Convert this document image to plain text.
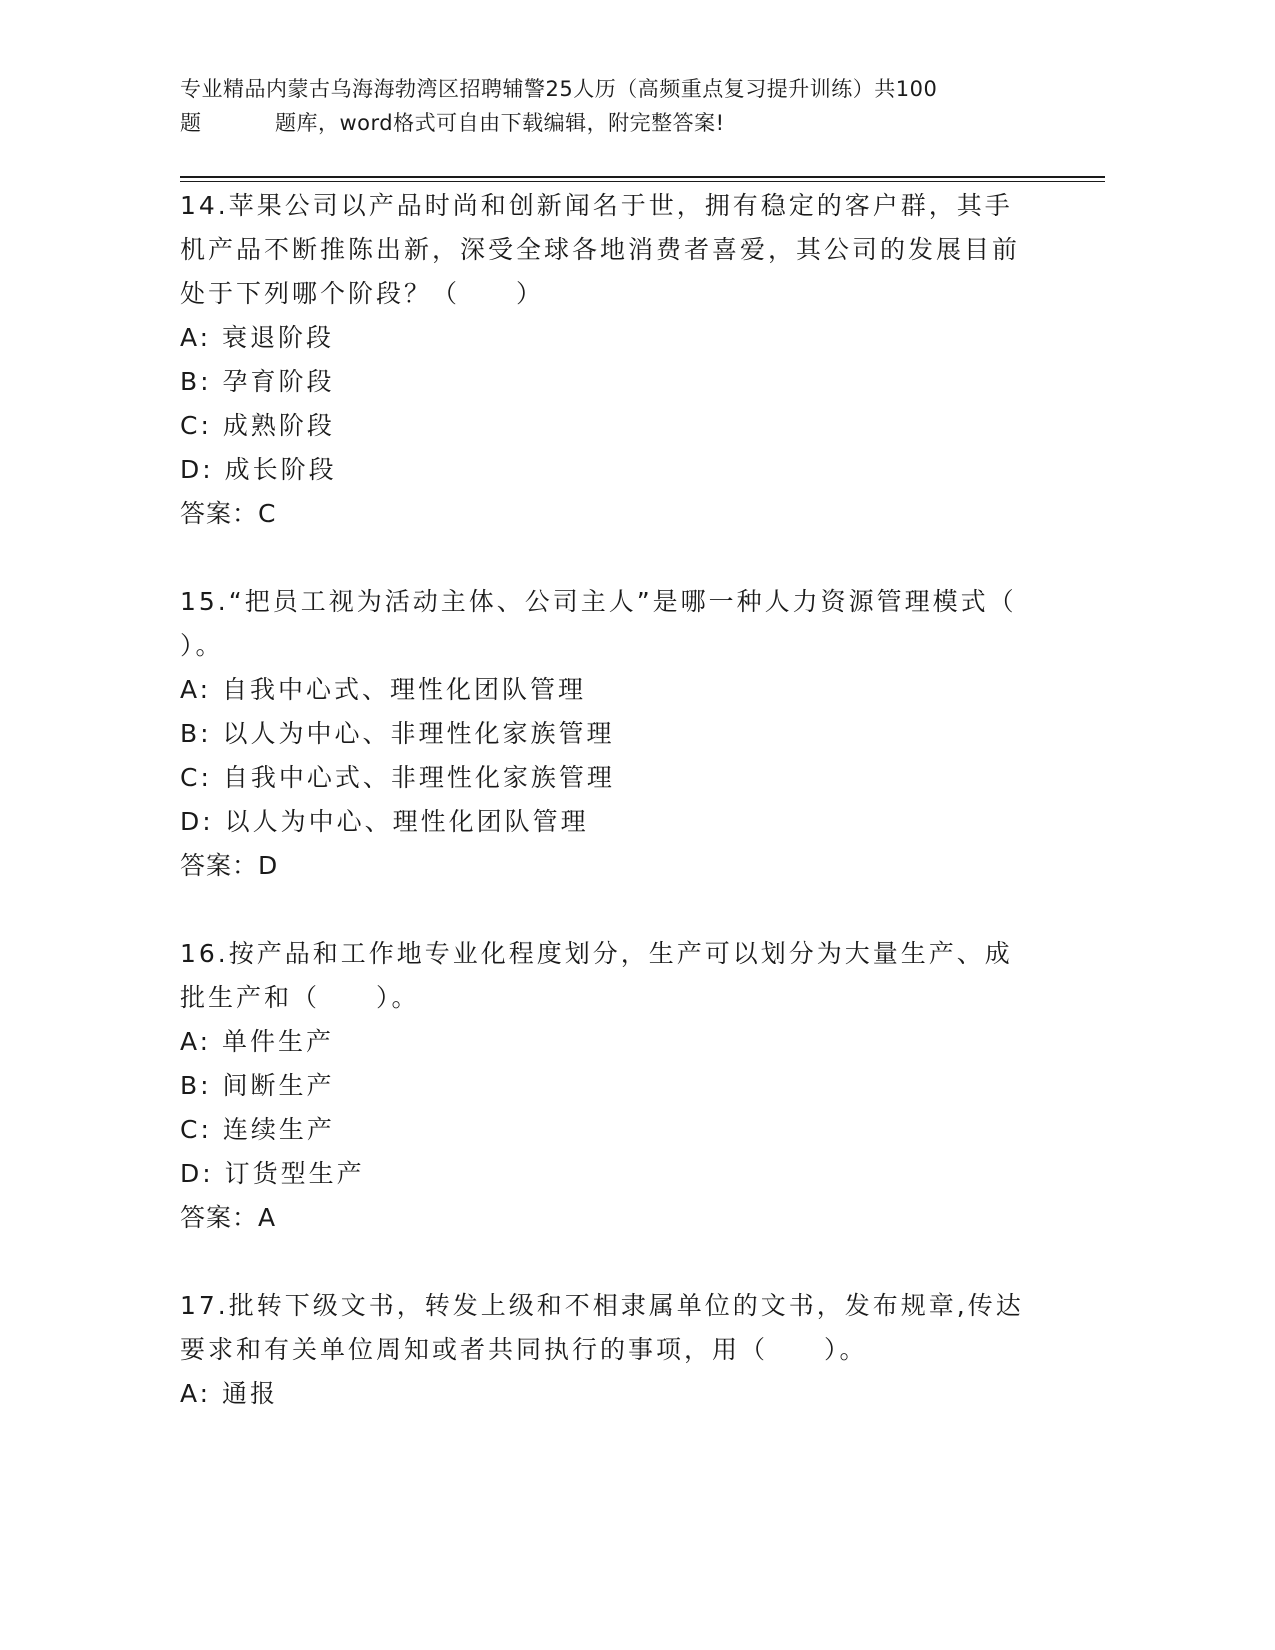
专业精品内蒙古乌海海勃湾区招聘辅警25人历（高频重点复习提升训练）共100
题	题库，word格式可自由下载编辑，附完整答案!
14.苹果公司以产品时尚和创新闻名于世，拥有稳定的客户群，其手机产品不断推陈出新，深受全球各地消费者喜爱，其公司的发展目前处于下列哪个阶段？（　　）
A: 衰退阶段
B: 孕育阶段
C: 成熟阶段
D: 成长阶段
答案：C
15.“把员工视为活动主体、公司主人”是哪一种人力资源管理模式（ ）。
A: 自我中心式、理性化团队管理
B: 以人为中心、非理性化家族管理
C: 自我中心式、非理性化家族管理
D: 以人为中心、理性化团队管理
答案：D
16.按产品和工作地专业化程度划分，生产可以划分为大量生产、成批生产和（　　）。
A: 单件生产
B: 间断生产
C: 连续生产
D: 订货型生产
答案：A
17.批转下级文书，转发上级和不相隶属单位的文书，发布规章,传达要求和有关单位周知或者共同执行的事项，用（　　）。
A: 通报
